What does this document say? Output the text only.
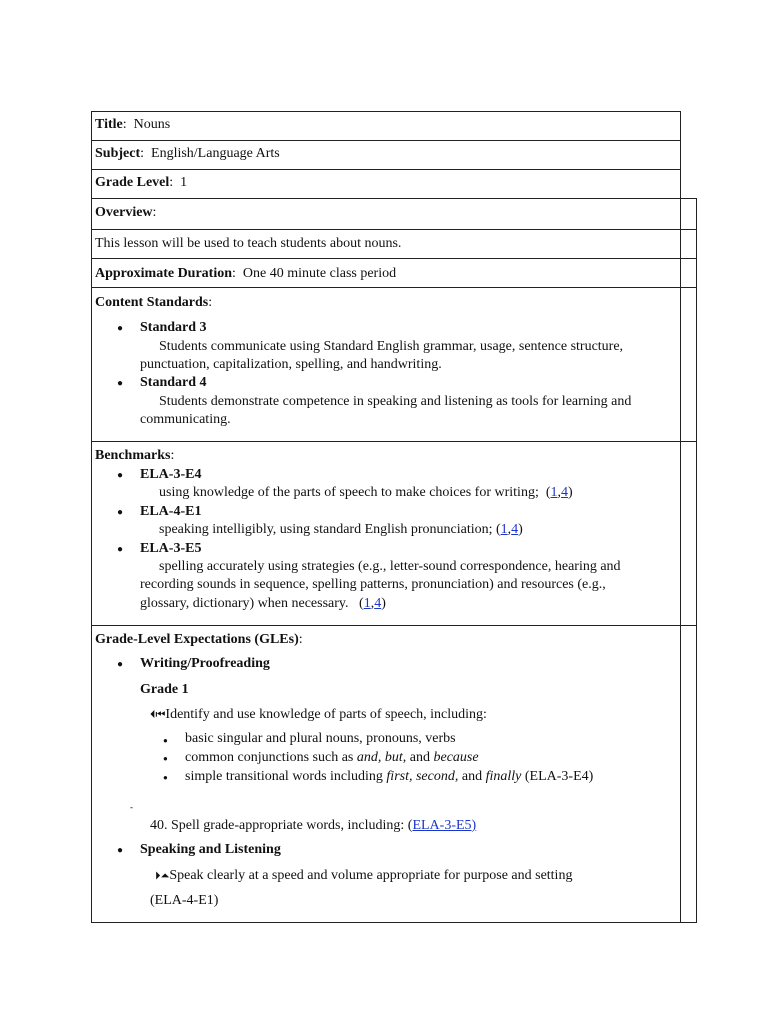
Title:  Nouns
Subject:  English/Language Arts
Grade Level:  1
Overview:
This lesson will be used to teach students about nouns.
Approximate Duration:  One 40 minute class period
Content Standards:
● Standard 3
Students communicate using Standard English grammar, usage, sentence structure,
punctuation, capitalization, spelling, and handwriting.
● Standard 4
Students demonstrate competence in speaking and listening as tools for learning and
communicating.
Benchmarks:
● ELA-3-E4
using knowledge of the parts of speech to make choices for writing;  (1,4)
● ELA-4-E1
speaking intelligibly, using standard English pronunciation; (1,4)
● ELA-3-E5
spelling accurately using strategies (e.g., letter-sound correspondence, hearing and
recording sounds in sequence, spelling patterns, pronunciation) and resources (e.g.,
glossary, dictionary) when necessary.   (1,4)
Grade-Level Expectations (GLEs):
● Writing/Proofreading
Grade 1
⏴⏮Identify and use knowledge of parts of speech, including:
● basic singular and plural nouns, pronouns, verbs
● common conjunctions such as and, but, and because
● simple transitional words including first, second, and finally (ELA-3-E4)
-
40. Spell grade-appropriate words, including: (ELA-3-E5)
● Speaking and Listening
⏵⏶Speak clearly at a speed and volume appropriate for purpose and setting
(ELA-4-E1)
